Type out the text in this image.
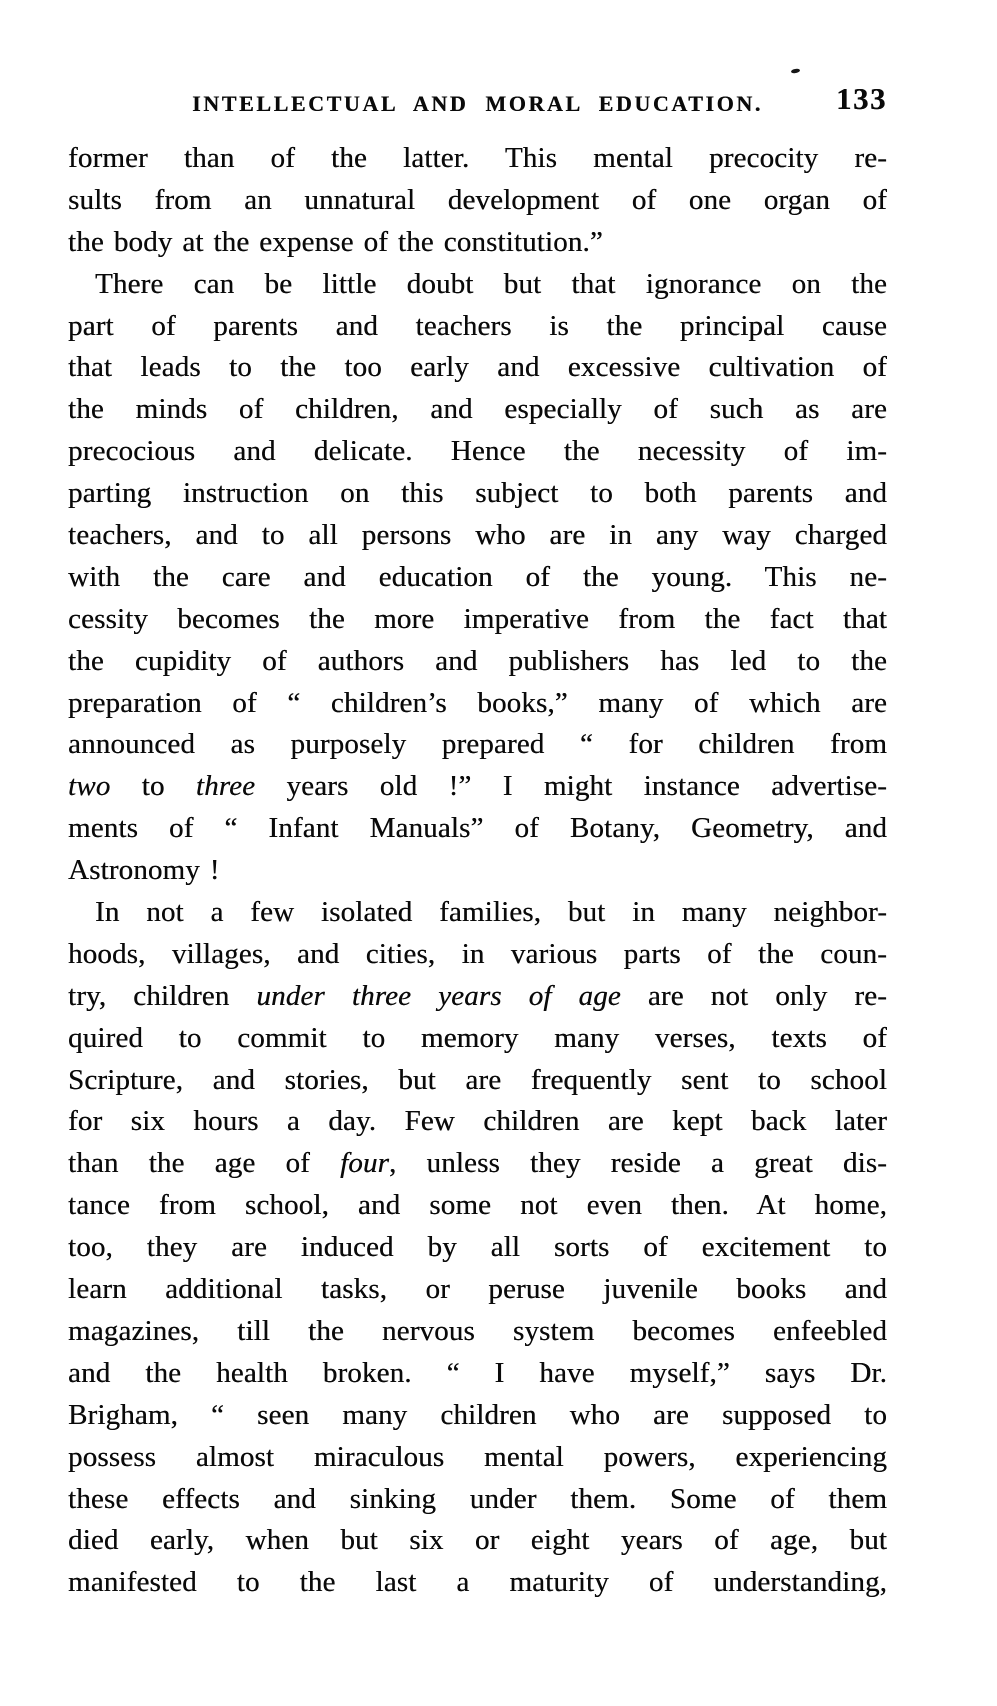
INTELLECTUAL AND MORAL EDUCATION.	133
former than of the latter. This mental precocity re-
sults from an unnatural development of one organ of
the body at the expense of the constitution.”
There can be little doubt but that ignorance on the
part of parents and teachers is the principal cause
that leads to the too early and excessive cultivation of
the minds of children, and especially of such as are
precocious and delicate. Hence the necessity of im-
parting instruction on this subject to both parents and
teachers, and to all persons who are in any way charged
with the care and education of the young. This ne-
cessity becomes the more imperative from the fact that
the cupidity of authors and publishers has led to the
preparation of “ children’s books,” many of which are
announced as purposely prepared “ for children from
two to three years old !” I might instance advertise-
ments of “ Infant Manuals” of Botany, Geometry, and
Astronomy !
In not a few isolated families, but in many neighbor-
hoods, villages, and cities, in various parts of the coun-
try, children under three years of age are not only re-
quired to commit to memory many verses, texts of
Scripture, and stories, but are frequently sent to school
for six hours a day. Few children are kept back later
than the age of four, unless they reside a great dis-
tance from school, and some not even then. At home,
too, they are induced by all sorts of excitement to
learn additional tasks, or peruse juvenile books and
magazines, till the nervous system becomes enfeebled
and the health broken. “ I have myself,” says Dr.
Brigham, “ seen many children who are supposed to
possess almost miraculous mental powers, experiencing
these effects and sinking under them. Some of them
died early, when but six or eight years of age, but
manifested to the last a maturity of understanding,
